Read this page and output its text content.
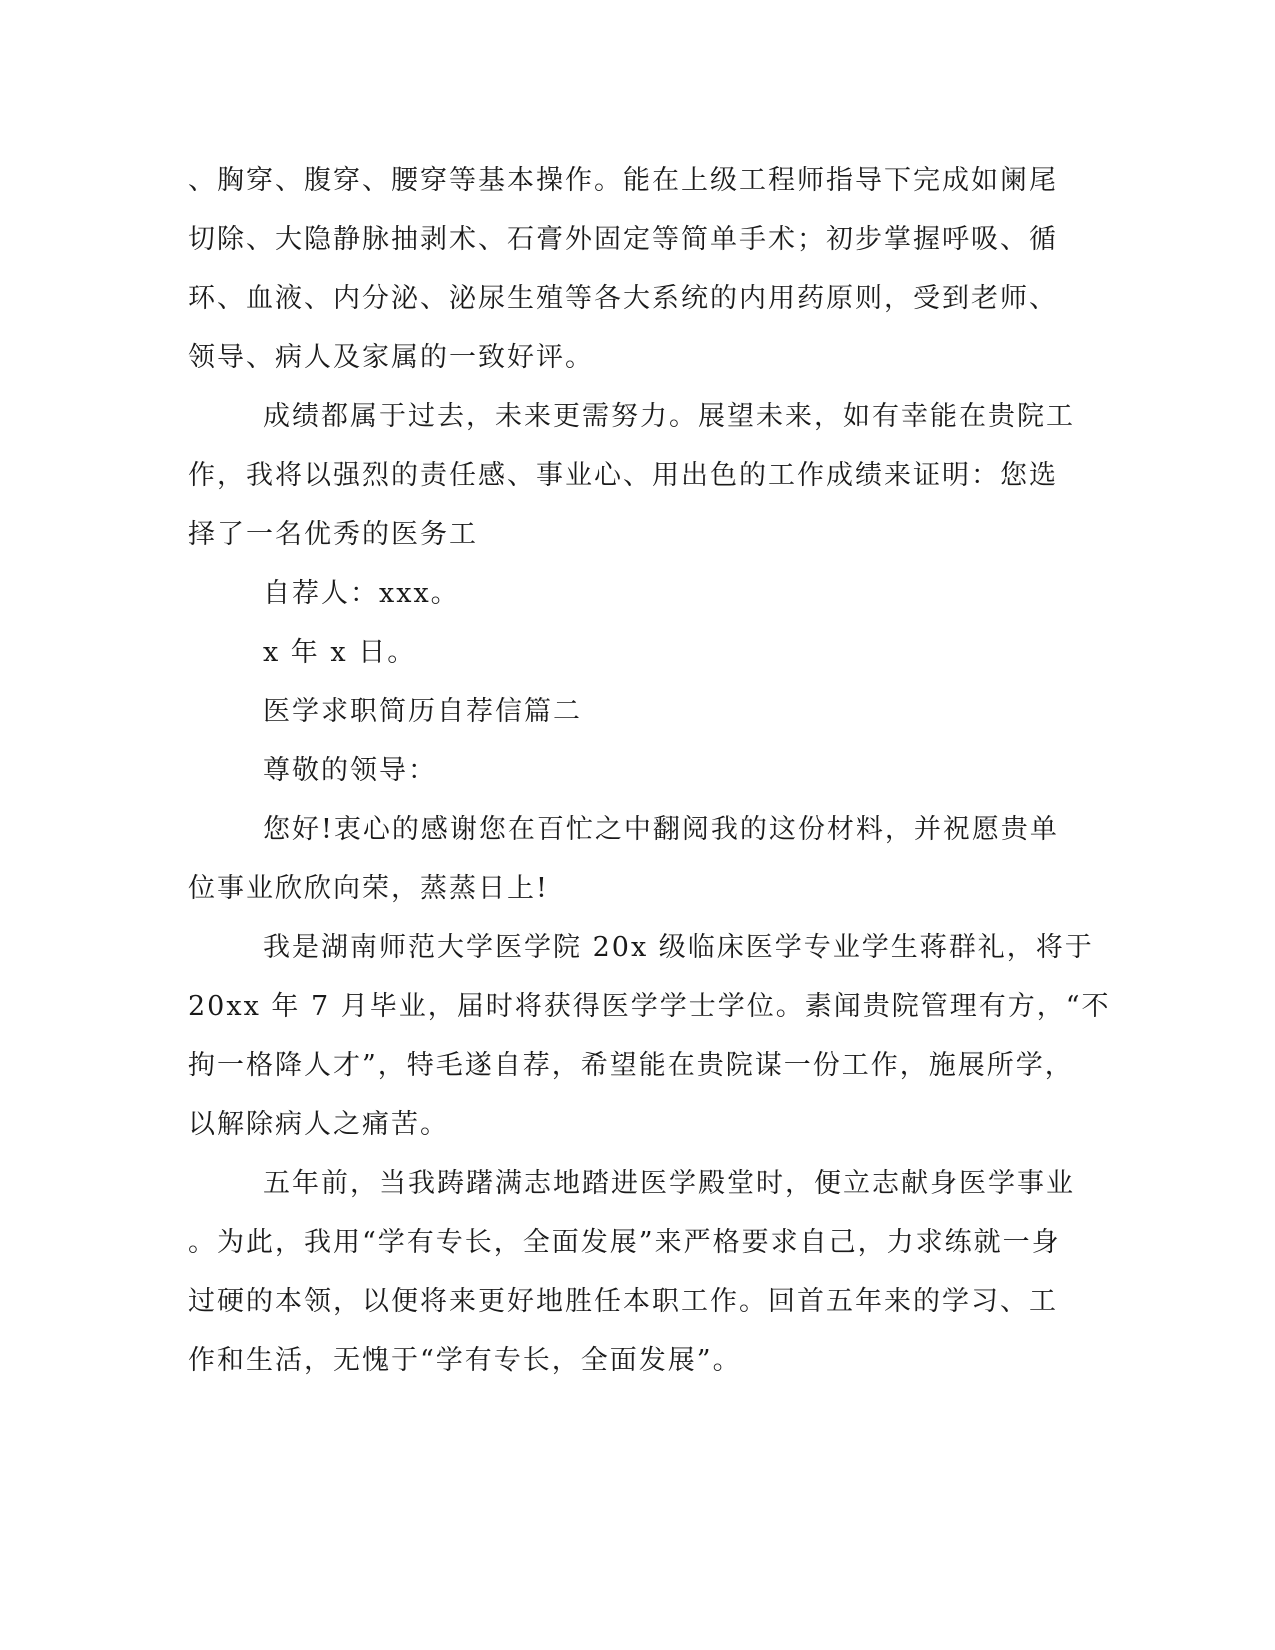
、胸穿、腹穿、腰穿等基本操作。能在上级工程师指导下完成如阑尾
切除、大隐静脉抽剥术、石膏外固定等简单手术；初步掌握呼吸、循
环、血液、内分泌、泌尿生殖等各大系统的内用药原则，受到老师、
领导、病人及家属的一致好评。
成绩都属于过去，未来更需努力。展望未来，如有幸能在贵院工
作，我将以强烈的责任感、事业心、用出色的工作成绩来证明：您选
择了一名优秀的医务工
自荐人：xxx。
x 年 x 日。
医学求职简历自荐信篇二
尊敬的领导：
您好!衷心的感谢您在百忙之中翻阅我的这份材料，并祝愿贵单
位事业欣欣向荣，蒸蒸日上!
我是湖南师范大学医学院 20x 级临床医学专业学生蒋群礼，将于
20xx 年 7 月毕业，届时将获得医学学士学位。素闻贵院管理有方，“不
拘一格降人才”，特毛遂自荐，希望能在贵院谋一份工作，施展所学，
以解除病人之痛苦。
五年前，当我踌躇满志地踏进医学殿堂时，便立志献身医学事业
。为此，我用“学有专长，全面发展”来严格要求自己，力求练就一身
过硬的本领，以便将来更好地胜任本职工作。回首五年来的学习、工
作和生活，无愧于“学有专长，全面发展”。
